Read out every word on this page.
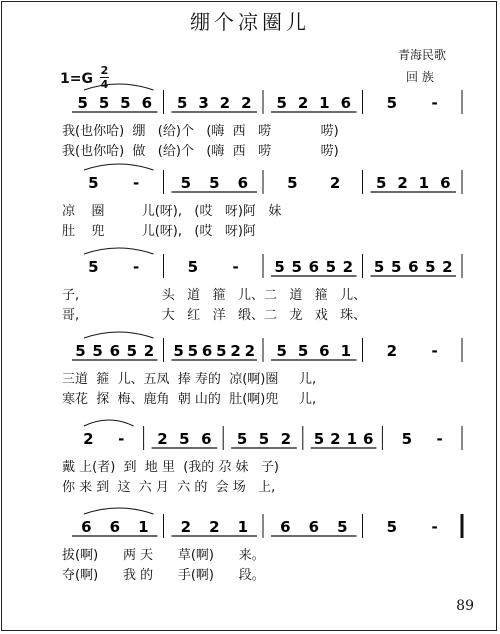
绷个凉圈儿
青海民歌
回 族
1=G
2
4
5 5 5 6 5 3 2 2 5 2 1 6 5 -
5 -	5 5 6	5 2 5 2 1 6
5 -	5 - 5 5 6 5 2 5 5 6 5 2
5 5 6 5 2 5 5 6 5 2 2 5 5 6 1 2 -
2 - 2 5 6 5 5 2 5 2 1 6 5 -
6 6 1 2 2 1 6 6 5	5 -
我(也你哈)  绷   (给)个   (嗨  西   唠            唠)
我(也你哈)  做   (给)个   (嗨  西   唠            唠)
凉    圈         儿(呀),   (哎   呀)阿   妹
肚    兜         儿(呀),   (哎   呀)阿
子,                    头   道   箍   儿、二   道   箍   儿、
哥,                    大   红   洋   缎、二   龙   戏   珠、
三道  箍  儿、五凤  捧 寿的  凉(啊)圈     儿,
寒花  探  梅、鹿角  朝 山的  肚(啊)兜     儿,
戴 上(者)  到  地 里  (我的 尕 妹   子)
你 来 到  这  六 月  六 的  会 场   上,
拔(啊)      两 天      草(啊)      来。
夺(啊)      我 的      手(啊)      段。
89
